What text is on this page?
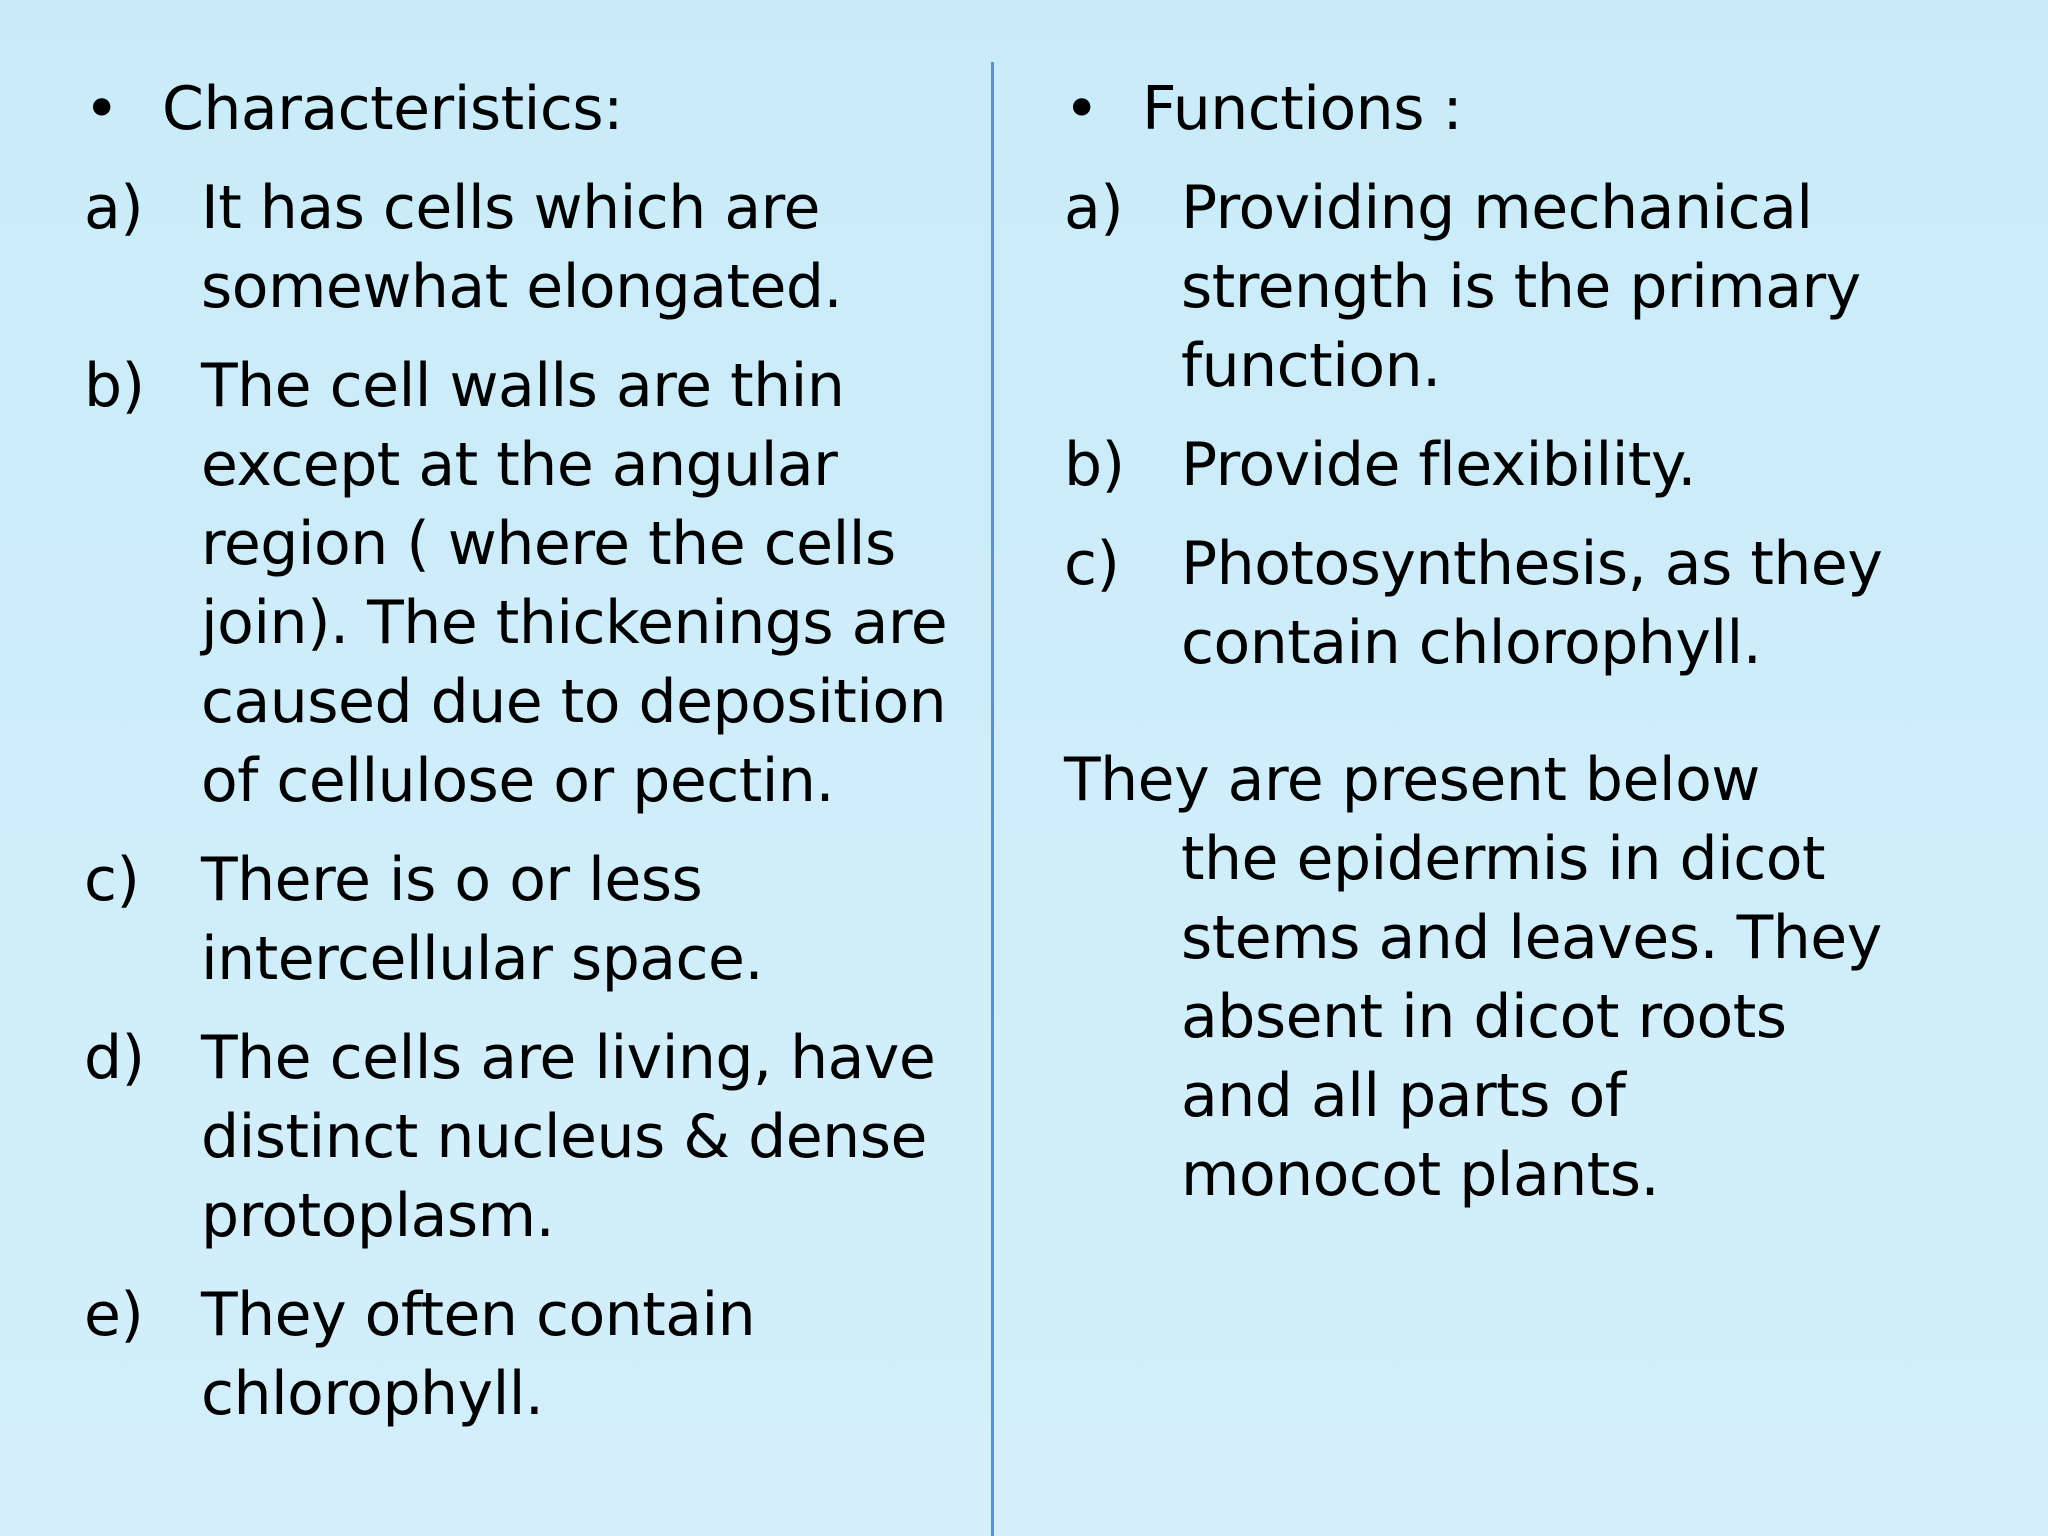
• Characteristics:
a) It has cells which are
somewhat elongated.
b) The cell walls are thin
except at the angular
region ( where the cells
join). The thickenings are
caused due to deposition
of cellulose or pectin.
c) There is o or less
intercellular space.
d) The cells are living, have
distinct nucleus & dense
protoplasm.
e) They often contain
chlorophyll.
• Functions :
a) Providing mechanical
strength is the primary
function.
b) Provide flexibility.
c) Photosynthesis, as they
contain chlorophyll.
They are present below
the epidermis in dicot
stems and leaves. They
absent in dicot roots
and all parts of
monocot plants.
